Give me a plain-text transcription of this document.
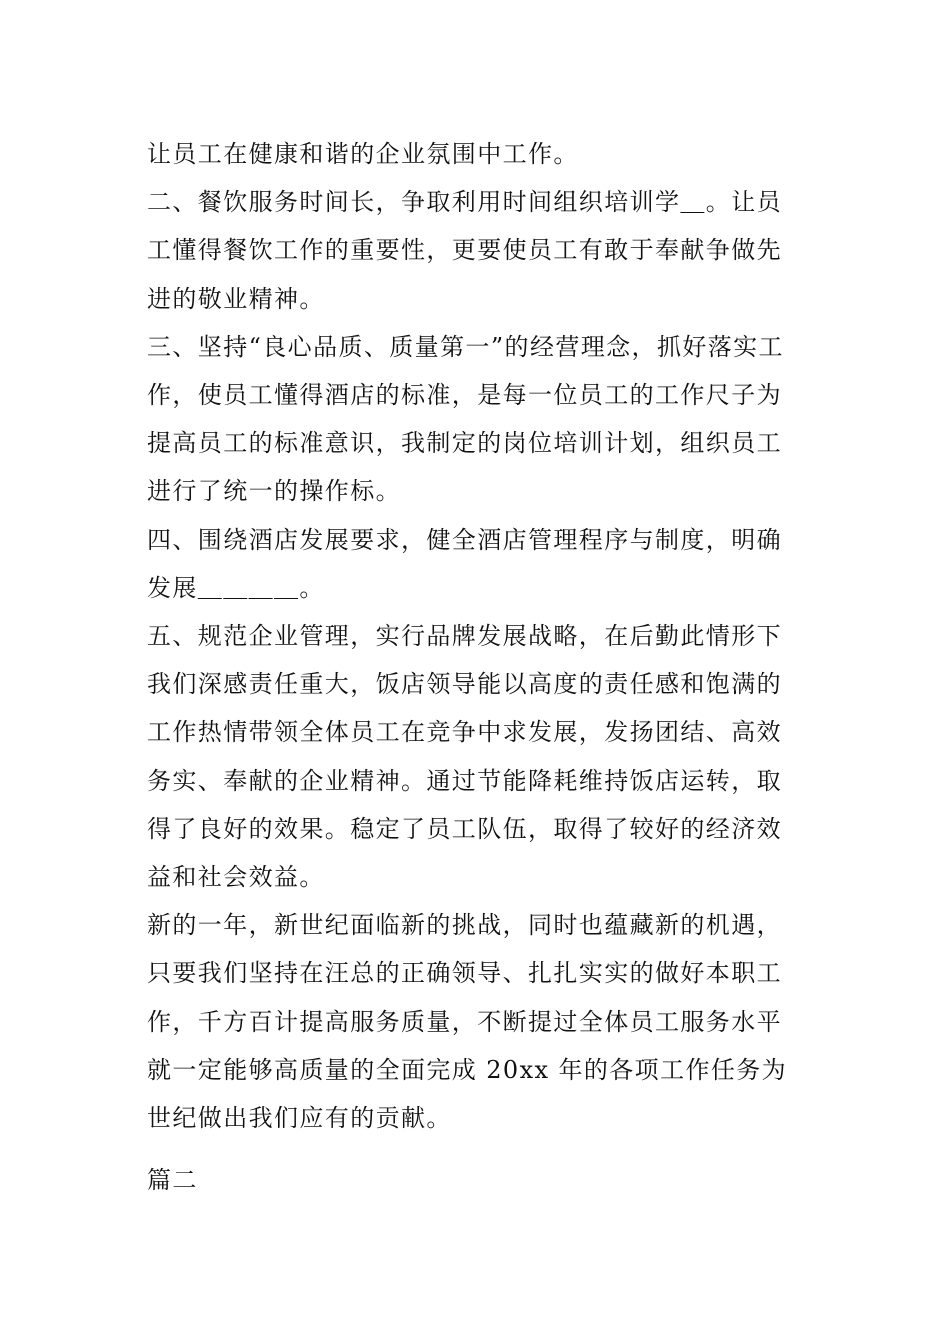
让员工在健康和谐的企业氛围中工作。

二、餐饮服务时间长，争取利用时间组织培训学＿。让员工懂得餐饮工作的重要性，更要使员工有敢于奉献争做先进的敬业精神。

三、坚持“良心品质、质量第一”的经营理念，抓好落实工作，使员工懂得酒店的标准，是每一位员工的工作尺子为提高员工的标准意识，我制定的岗位培训计划，组织员工进行了统一的操作标。

四、围绕酒店发展要求，健全酒店管理程序与制度，明确发展＿＿＿＿。

五、规范企业管理，实行品牌发展战略，在后勤此情形下我们深感责任重大，饭店领导能以高度的责任感和饱满的工作热情带领全体员工在竞争中求发展，发扬团结、高效务实、奉献的企业精神。通过节能降耗维持饭店运转，取得了良好的效果。稳定了员工队伍，取得了较好的经济效益和社会效益。

新的一年，新世纪面临新的挑战，同时也蕴藏新的机遇，只要我们坚持在汪总的正确领导、扎扎实实的做好本职工作，千方百计提高服务质量，不断提过全体员工服务水平就一定能够高质量的全面完成 20xx 年的各项工作任务为世纪做出我们应有的贡献。

篇二
